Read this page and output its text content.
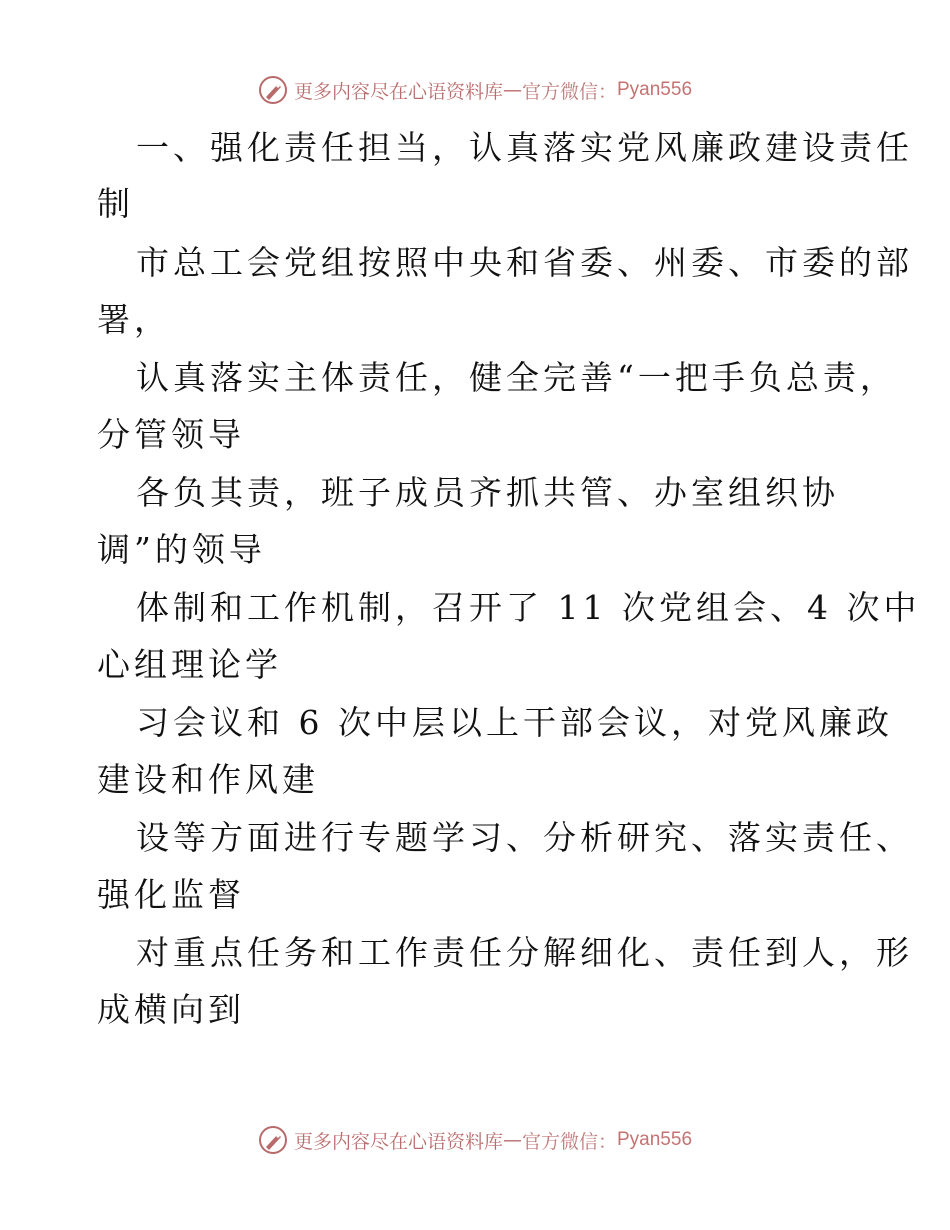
更多内容尽在心语资料库 — 官方微信： Pyan556
一、强化责任担当，认真落实党风廉政建设责任
制
市总工会党组按照中央和省委、州委、市委的部
署，
认真落实主体责任，健全完善“一把手负总责，
分管领导
各负其责，班子成员齐抓共管、办室组织协
调”的领导
体制和工作机制，召开了 11 次党组会、4 次中
心组理论学
习会议和 6 次中层以上干部会议，对党风廉政
建设和作风建
设等方面进行专题学习、分析研究、落实责任、
强化监督
对重点任务和工作责任分解细化、责任到人，形
成横向到
更多内容尽在心语资料库 — 官方微信： Pyan556
